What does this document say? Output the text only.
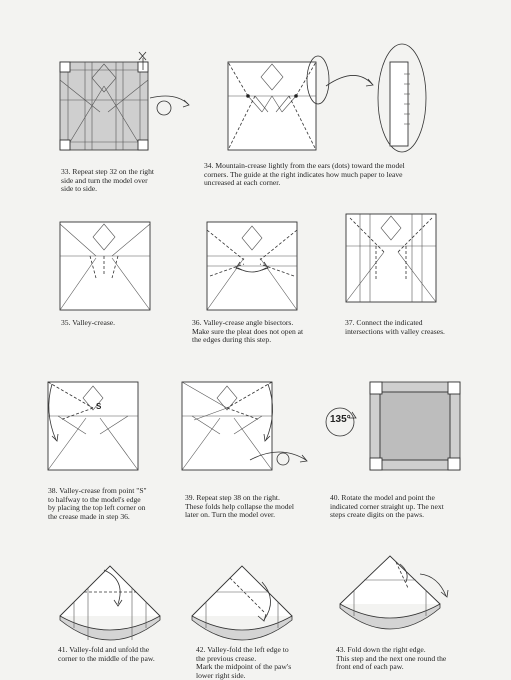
33. Repeat step 32 on the right
side and turn the model over
side to side.
34. Mountain-crease lightly from the ears (dots) toward the model
corners. The guide at the right indicates how much paper to leave
uncreased at each corner.
35. Valley-crease.	36. Valley-crease angle bisectors.
Make sure the pleat does not open at
the edges during this step.
37. Connect the indicated
intersections with valley creases.
S
135°
38. Valley-crease from point "S"
to halfway to the model's edge
by placing the top left corner on
the crease made in step 36.
39. Repeat step 38 on the right.
These folds help collapse the model
later on. Turn the model over.
40. Rotate the model and point the
indicated corner straight up. The next
steps create digits on the paws.
41. Valley-fold and unfold the
corner to the middle of the paw.
42. Valley-fold the left edge to
the previous crease.
Mark the midpoint of the paw's
lower right side.
43. Fold down the right edge.
This step and the next one round the
front end of each paw.
